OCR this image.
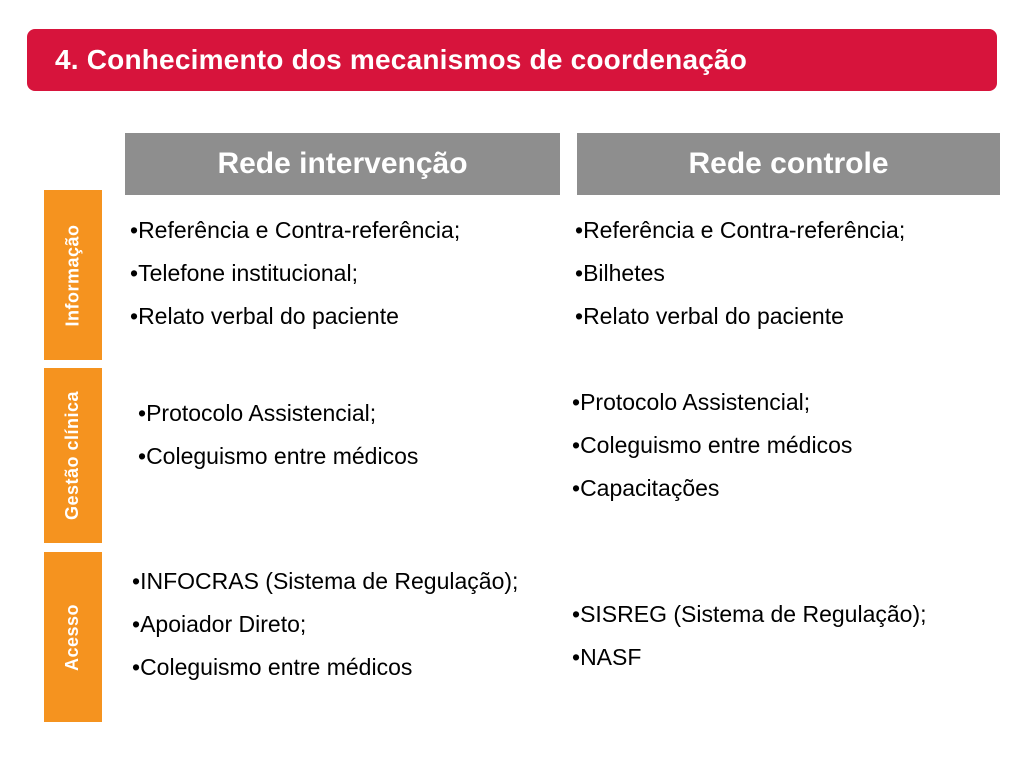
4. Conhecimento dos mecanismos de coordenação
Rede intervenção	Rede controle
Informação
Gestão clínica
Acesso
• Referência e Contra-referência;
• Telefone institucional;
• Relato verbal do paciente
• Referência e Contra-referência;
• Bilhetes
• Relato verbal do paciente
• Protocolo Assistencial;
• Coleguismo entre médicos
• Protocolo Assistencial;
• Coleguismo entre médicos
• Capacitações
• INFOCRAS (Sistema de Regulação);
• Apoiador Direto;
• Coleguismo entre médicos
• SISREG (Sistema de Regulação);
• NASF
